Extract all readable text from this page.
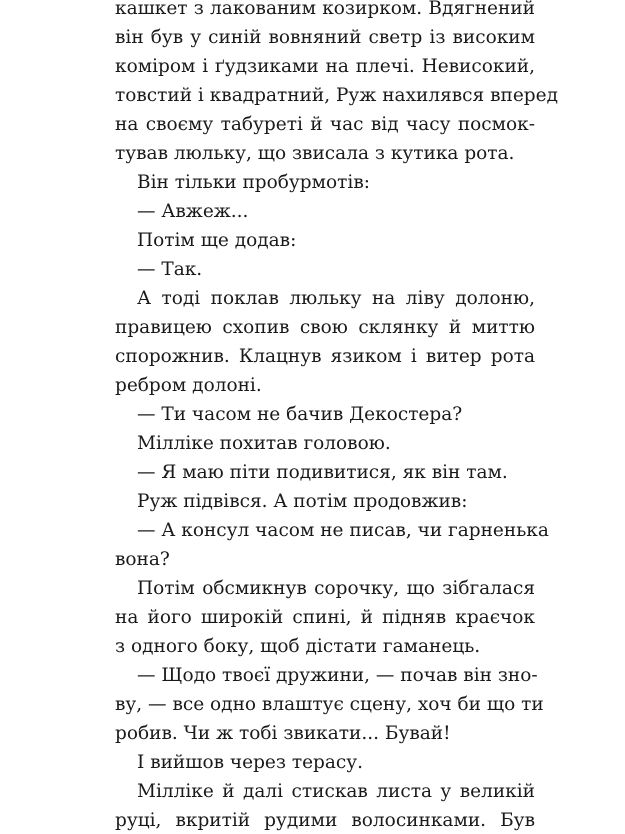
кашкет з лакованим козирком. Вдягнений
він був у синій вовняний светр із високим
коміром і ґудзиками на плечі. Невисокий,
товстий і квадратний, Руж нахилявся вперед
на своєму табуреті й час від часу посмок-
тував люльку, що звисала з кутика рота.
Він тільки пробурмотів:
— Авжеж...
Потім ще додав:
— Так.
А тоді поклав люльку на ліву долоню,
правицею схопив свою склянку й миттю
спорожнив. Клацнув язиком і витер рота
ребром долоні.
— Ти часом не бачив Декостера?
Мілліке похитав головою.
— Я маю піти подивитися, як він там.
Руж підвівся. А потім продовжив:
— А консул часом не писав, чи гарненька
вона?
Потім обсмикнув сорочку, що зібгалася
на його широкій спині, й підняв краєчок
з одного боку, щоб дістати гаманець.
— Щодо твоєї дружини, — почав він зно-
ву, — все одно влаштує сцену, хоч би що ти
робив. Чи ж тобі звикати... Бувай!
І вийшов через терасу.
Мілліке й далі стискав листа у великій
руці, вкритій рудими волосинками. Був
